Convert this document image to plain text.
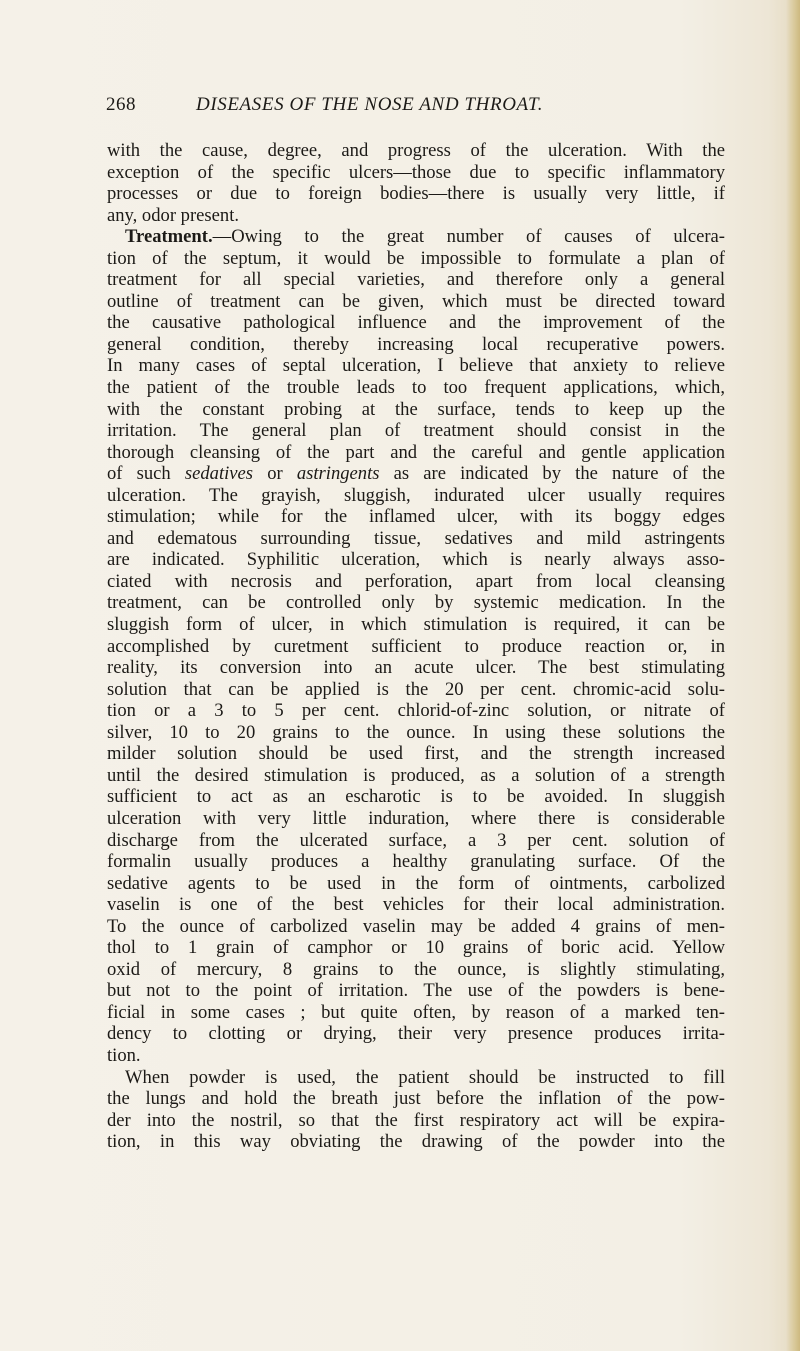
268	DISEASES OF THE NOSE AND THROAT.
with the cause, degree, and progress of the ulceration. With the
exception of the specific ulcers—those due to specific inflammatory
processes or due to foreign bodies—there is usually very little, if
any, odor present.
Treatment.—Owing to the great number of causes of ulcera-
tion of the septum, it would be impossible to formulate a plan of
treatment for all special varieties, and therefore only a general
outline of treatment can be given, which must be directed toward
the causative pathological influence and the improvement of the
general condition, thereby increasing local recuperative powers.
In many cases of septal ulceration, I believe that anxiety to relieve
the patient of the trouble leads to too frequent applications, which,
with the constant probing at the surface, tends to keep up the
irritation. The general plan of treatment should consist in the
thorough cleansing of the part and the careful and gentle application
of such sedatives or astringents as are indicated by the nature of the
ulceration. The grayish, sluggish, indurated ulcer usually requires
stimulation; while for the inflamed ulcer, with its boggy edges
and edematous surrounding tissue, sedatives and mild astringents
are indicated. Syphilitic ulceration, which is nearly always asso-
ciated with necrosis and perforation, apart from local cleansing
treatment, can be controlled only by systemic medication. In the
sluggish form of ulcer, in which stimulation is required, it can be
accomplished by curetment sufficient to produce reaction or, in
reality, its conversion into an acute ulcer. The best stimulating
solution that can be applied is the 20 per cent. chromic-acid solu-
tion or a 3 to 5 per cent. chlorid-of-zinc solution, or nitrate of
silver, 10 to 20 grains to the ounce. In using these solutions the
milder solution should be used first, and the strength increased
until the desired stimulation is produced, as a solution of a strength
sufficient to act as an escharotic is to be avoided. In sluggish
ulceration with very little induration, where there is considerable
discharge from the ulcerated surface, a 3 per cent. solution of
formalin usually produces a healthy granulating surface. Of the
sedative agents to be used in the form of ointments, carbolized
vaselin is one of the best vehicles for their local administration.
To the ounce of carbolized vaselin may be added 4 grains of men-
thol to 1 grain of camphor or 10 grains of boric acid. Yellow
oxid of mercury, 8 grains to the ounce, is slightly stimulating,
but not to the point of irritation. The use of the powders is bene-
ficial in some cases ; but quite often, by reason of a marked ten-
dency to clotting or drying, their very presence produces irrita-
tion.
When powder is used, the patient should be instructed to fill
the lungs and hold the breath just before the inflation of the pow-
der into the nostril, so that the first respiratory act will be expira-
tion, in this way obviating the drawing of the powder into the
